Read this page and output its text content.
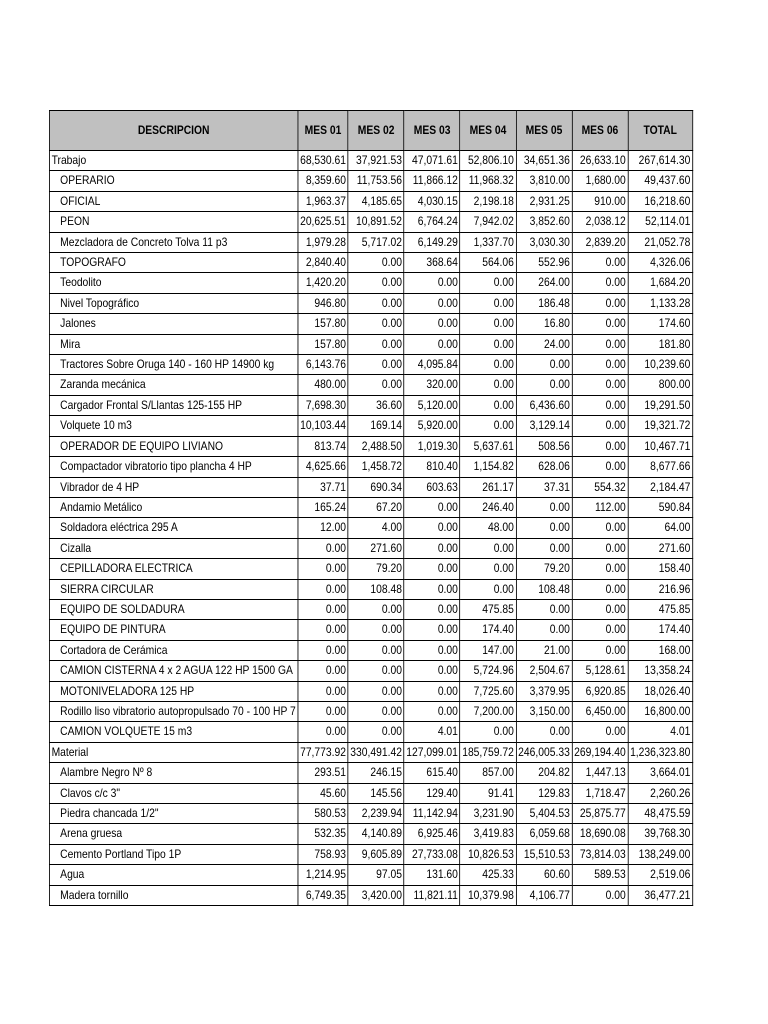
DESCRIPCION	MES 01	MES 02	MES 03	MES 04	MES 05	MES 06	TOTAL
Trabajo	68,530.61	37,921.53	47,071.61	52,806.10	34,651.36	26,633.10	267,614.30
OPERARIO	8,359.60	11,753.56	11,866.12	11,968.32	3,810.00	1,680.00	49,437.60
OFICIAL	1,963.37	4,185.65	4,030.15	2,198.18	2,931.25	910.00	16,218.60
PEON	20,625.51	10,891.52	6,764.24	7,942.02	3,852.60	2,038.12	52,114.01
Mezcladora de Concreto Tolva 11 p3	1,979.28	5,717.02	6,149.29	1,337.70	3,030.30	2,839.20	21,052.78
TOPOGRAFO	2,840.40	0.00	368.64	564.06	552.96	0.00	4,326.06
Teodolito	1,420.20	0.00	0.00	0.00	264.00	0.00	1,684.20
Nivel Topográfico	946.80	0.00	0.00	0.00	186.48	0.00	1,133.28
Jalones	157.80	0.00	0.00	0.00	16.80	0.00	174.60
Mira	157.80	0.00	0.00	0.00	24.00	0.00	181.80
Tractores Sobre Oruga 140 - 160 HP 14900 kg	6,143.76	0.00	4,095.84	0.00	0.00	0.00	10,239.60
Zaranda mecánica	480.00	0.00	320.00	0.00	0.00	0.00	800.00
Cargador Frontal S/Llantas 125-155 HP	7,698.30	36.60	5,120.00	0.00	6,436.60	0.00	19,291.50
Volquete 10 m3	10,103.44	169.14	5,920.00	0.00	3,129.14	0.00	19,321.72
OPERADOR DE EQUIPO LIVIANO	813.74	2,488.50	1,019.30	5,637.61	508.56	0.00	10,467.71
Compactador vibratorio tipo plancha 4 HP	4,625.66	1,458.72	810.40	1,154.82	628.06	0.00	8,677.66
Vibrador de 4 HP	37.71	690.34	603.63	261.17	37.31	554.32	2,184.47
Andamio Metálico	165.24	67.20	0.00	246.40	0.00	112.00	590.84
Soldadora eléctrica 295 A	12.00	4.00	0.00	48.00	0.00	0.00	64.00
Cizalla	0.00	271.60	0.00	0.00	0.00	0.00	271.60
CEPILLADORA ELECTRICA	0.00	79.20	0.00	0.00	79.20	0.00	158.40
SIERRA CIRCULAR	0.00	108.48	0.00	0.00	108.48	0.00	216.96
EQUIPO DE SOLDADURA	0.00	0.00	0.00	475.85	0.00	0.00	475.85
EQUIPO DE PINTURA	0.00	0.00	0.00	174.40	0.00	0.00	174.40
Cortadora de Cerámica	0.00	0.00	0.00	147.00	21.00	0.00	168.00
CAMION CISTERNA 4 x 2 AGUA 122 HP 1500 GA	0.00	0.00	0.00	5,724.96	2,504.67	5,128.61	13,358.24
MOTONIVELADORA 125 HP	0.00	0.00	0.00	7,725.60	3,379.95	6,920.85	18,026.40
Rodillo liso vibratorio autopropulsado 70 - 100 HP 7	0.00	0.00	0.00	7,200.00	3,150.00	6,450.00	16,800.00
CAMION VOLQUETE 15 m3	0.00	0.00	4.01	0.00	0.00	0.00	4.01
Material	77,773.92	330,491.42	127,099.01	185,759.72	246,005.33	269,194.40	1,236,323.80
Alambre Negro Nº 8	293.51	246.15	615.40	857.00	204.82	1,447.13	3,664.01
Clavos c/c 3"	45.60	145.56	129.40	91.41	129.83	1,718.47	2,260.26
Piedra chancada 1/2"	580.53	2,239.94	11,142.94	3,231.90	5,404.53	25,875.77	48,475.59
Arena gruesa	532.35	4,140.89	6,925.46	3,419.83	6,059.68	18,690.08	39,768.30
Cemento Portland Tipo 1P	758.93	9,605.89	27,733.08	10,826.53	15,510.53	73,814.03	138,249.00
Agua	1,214.95	97.05	131.60	425.33	60.60	589.53	2,519.06
Madera tornillo	6,749.35	3,420.00	11,821.11	10,379.98	4,106.77	0.00	36,477.21
